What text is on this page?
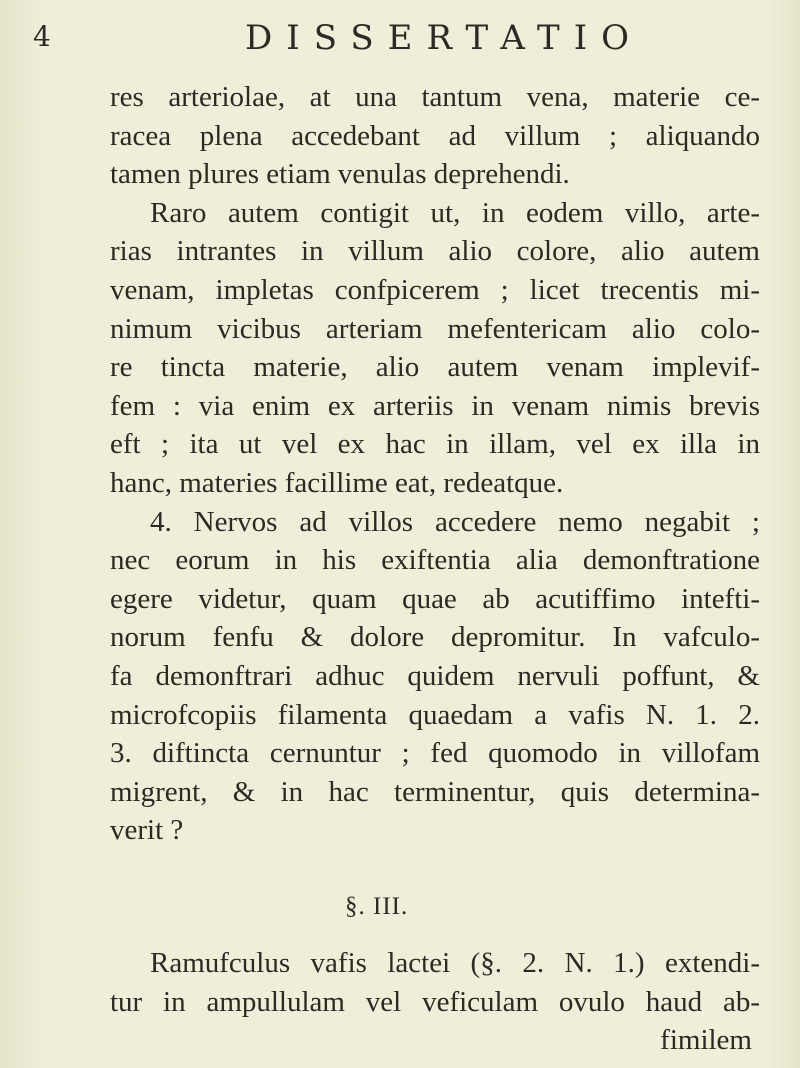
4	DISSERTATIO
res arteriolae, at una tantum vena, materie ce-
racea plena accedebant ad villum ; aliquando
tamen plures etiam venulas deprehendi.
Raro autem contigit ut, in eodem villo, arte-
rias intrantes in villum alio colore, alio autem
venam, impletas confpicerem ; licet trecentis mi-
nimum vicibus arteriam mefentericam alio colo-
re tincta materie, alio autem venam implevif-
fem : via enim ex arteriis in venam nimis brevis
eft ; ita ut vel ex hac in illam, vel ex illa in
hanc, materies facillime eat, redeatque.
4. Nervos ad villos accedere nemo negabit ;
nec eorum in his exiftentia alia demonftratione
egere videtur, quam quae ab acutiffimo intefti-
norum fenfu & dolore depromitur. In vafculo-
fa demonftrari adhuc quidem nervuli poffunt, &
microfcopiis filamenta quaedam a vafis N. 1. 2.
3. diftincta cernuntur ; fed quomodo in villofam
migrent, & in hac terminentur, quis determina-
verit ?
§. III.
Ramufculus vafis lactei (§. 2. N. 1.) extendi-
tur in ampullulam vel veficulam ovulo haud ab-
fimilem
